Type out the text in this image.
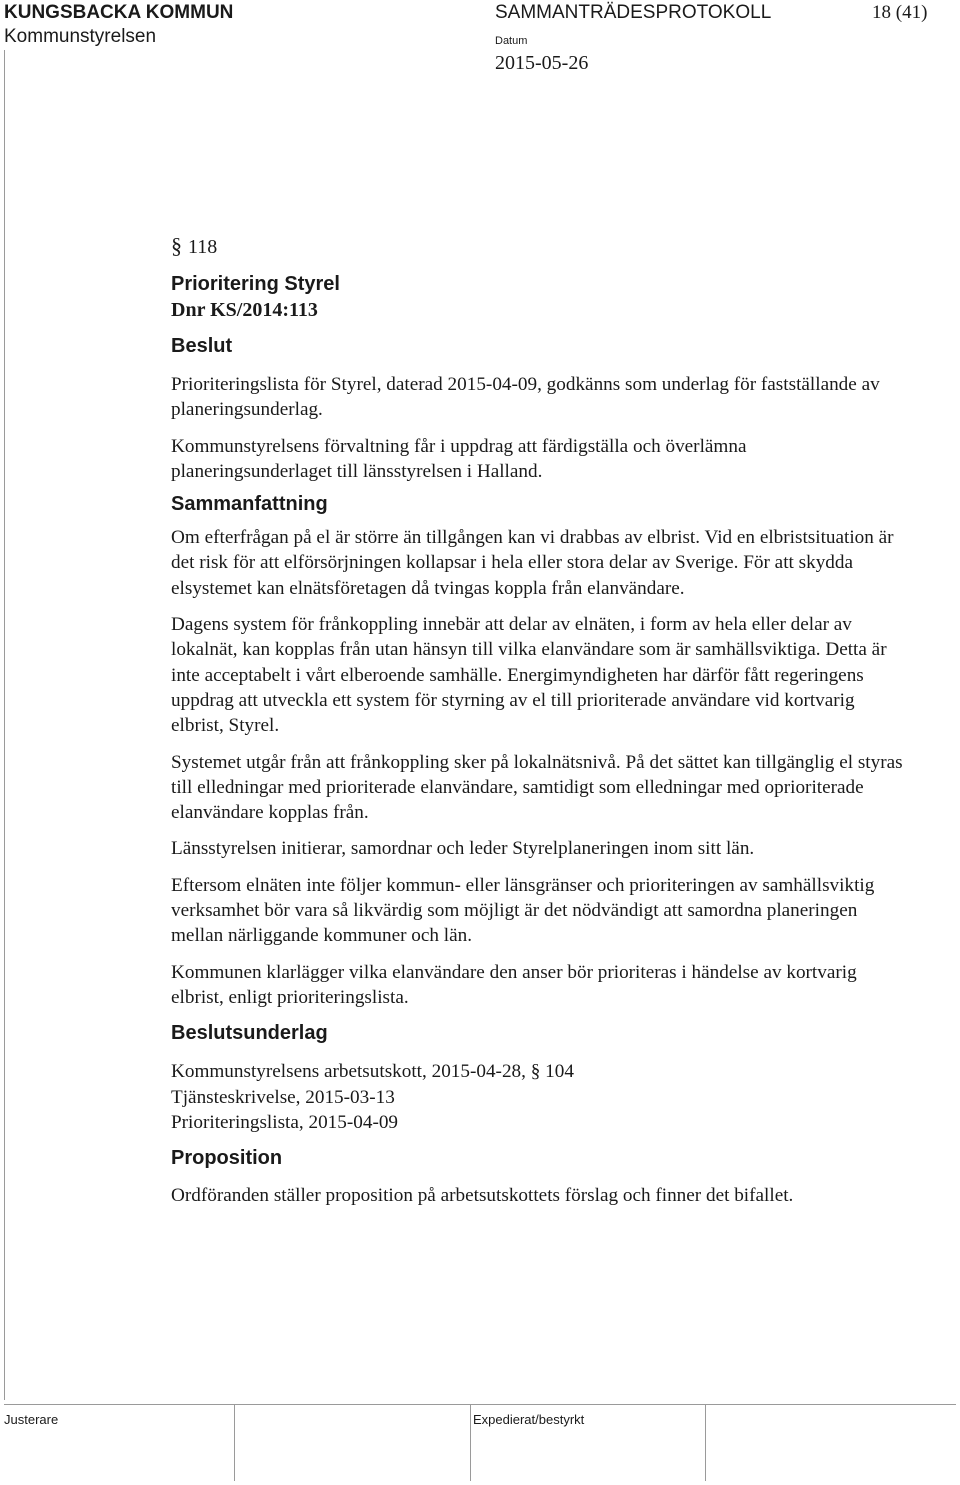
KUNGSBACKA KOMMUN
Kommunstyrelsen
SAMMANTRÄDESPROTOKOLL	18 (41)
Datum
2015-05-26
§ 118
Prioritering Styrel
Dnr KS/2014:113
Beslut

Prioriteringslista för Styrel, daterad 2015-04-09, godkänns som underlag för fastställande av planeringsunderlag.

Kommunstyrelsens förvaltning får i uppdrag att färdigställa och överlämna planeringsunderlaget till länsstyrelsen i Halland.

Sammanfattning

Om efterfrågan på el är större än tillgången kan vi drabbas av elbrist. Vid en elbristsituation är det risk för att elförsörjningen kollapsar i hela eller stora delar av Sverige. För att skydda elsystemet kan elnätsföretagen då tvingas koppla från elanvändare.

Dagens system för frånkoppling innebär att delar av elnäten, i form av hela eller delar av lokalnät, kan kopplas från utan hänsyn till vilka elanvändare som är samhällsviktiga. Detta är inte acceptabelt i vårt elberoende samhälle. Energimyndigheten har därför fått regeringens uppdrag att utveckla ett system för styrning av el till prioriterade användare vid kortvarig elbrist, Styrel.

Systemet utgår från att frånkoppling sker på lokalnätsnivå. På det sättet kan tillgänglig el styras till elledningar med prioriterade elanvändare, samtidigt som elledningar med oprioriterade elanvändare kopplas från.

Länsstyrelsen initierar, samordnar och leder Styrelplaneringen inom sitt län.

Eftersom elnäten inte följer kommun- eller länsgränser och prioriteringen av samhällsviktig verksamhet bör vara så likvärdig som möjligt är det nödvändigt att samordna planeringen mellan närliggande kommuner och län.

Kommunen klarlägger vilka elanvändare den anser bör prioriteras i händelse av kortvarig elbrist, enligt prioriteringslista.

Beslutsunderlag
Kommunstyrelsens arbetsutskott, 2015-04-28, § 104
Tjänsteskrivelse, 2015-03-13
Prioriteringslista, 2015-04-09
Proposition

Ordföranden ställer proposition på arbetsutskottets förslag och finner det bifallet.

Justerare	Expedierat/bestyrkt
